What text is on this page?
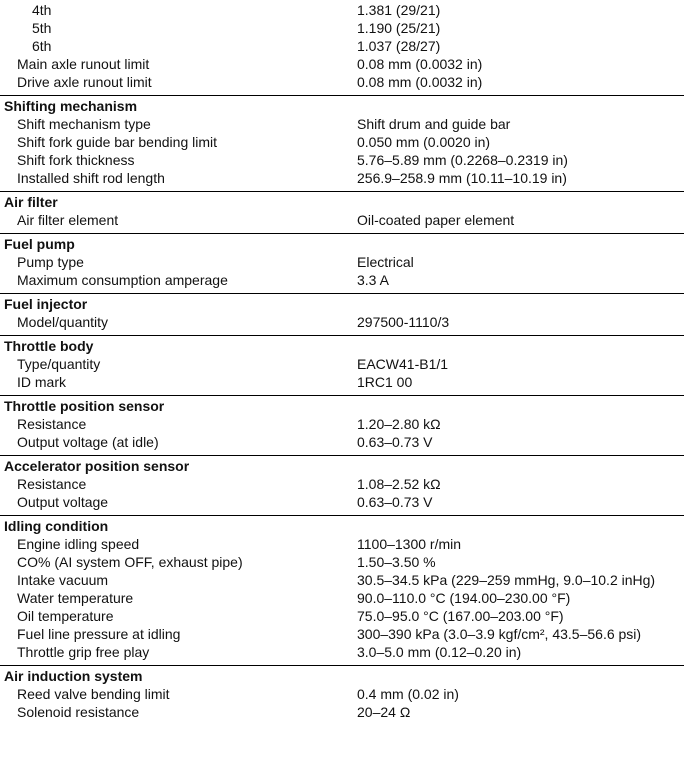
4th	1.381 (29/21)
5th	1.190 (25/21)
6th	1.037 (28/27)
Main axle runout limit	0.08 mm (0.0032 in)
Drive axle runout limit	0.08 mm (0.0032 in)
Shifting mechanism
Shift mechanism type	Shift drum and guide bar
Shift fork guide bar bending limit	0.050 mm (0.0020 in)
Shift fork thickness	5.76–5.89 mm (0.2268–0.2319 in)
Installed shift rod length	256.9–258.9 mm (10.11–10.19 in)
Air filter
Air filter element	Oil-coated paper element
Fuel pump
Pump type	Electrical
Maximum consumption amperage	3.3 A
Fuel injector
Model/quantity	297500-1110/3
Throttle body
Type/quantity	EACW41-B1/1
ID mark	1RC1 00
Throttle position sensor
Resistance	1.20–2.80 kΩ
Output voltage (at idle)	0.63–0.73 V
Accelerator position sensor
Resistance	1.08–2.52 kΩ
Output voltage	0.63–0.73 V
Idling condition
Engine idling speed	1100–1300 r/min
CO% (AI system OFF, exhaust pipe)	1.50–3.50 %
Intake vacuum	30.5–34.5 kPa (229–259 mmHg, 9.0–10.2 inHg)
Water temperature	90.0–110.0 °C (194.00–230.00 °F)
Oil temperature	75.0–95.0 °C (167.00–203.00 °F)
Fuel line pressure at idling	300–390 kPa (3.0–3.9 kgf/cm², 43.5–56.6 psi)
Throttle grip free play	3.0–5.0 mm (0.12–0.20 in)
Air induction system
Reed valve bending limit	0.4 mm (0.02 in)
Solenoid resistance	20–24 Ω
